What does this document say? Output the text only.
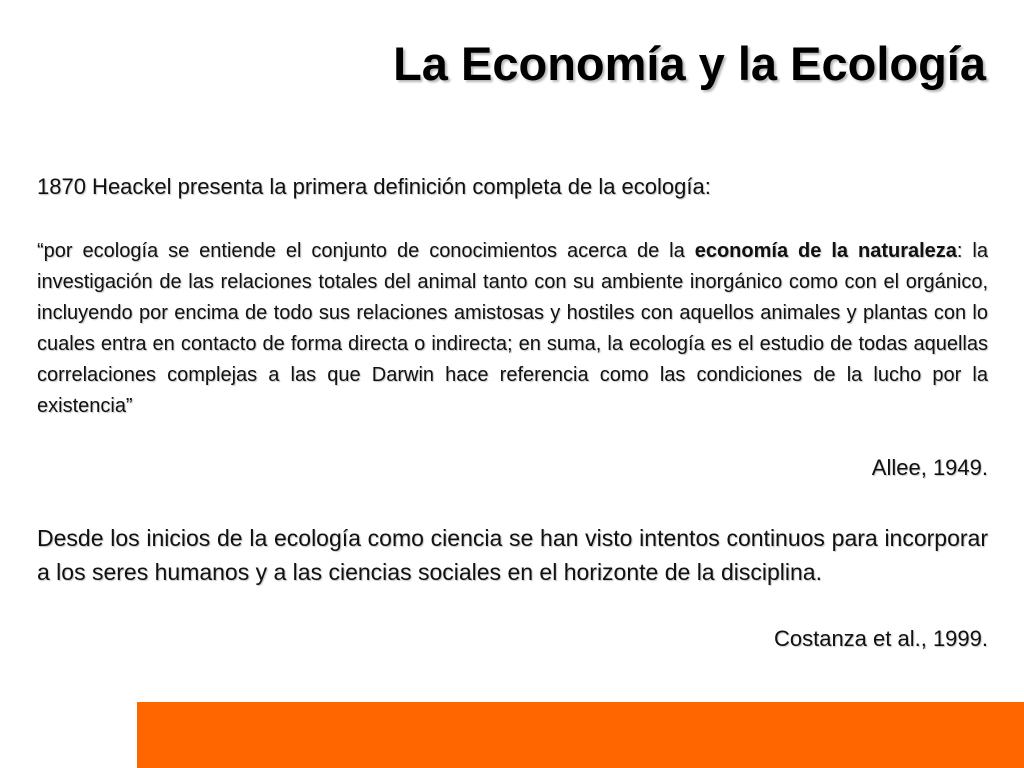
La Economía y la Ecología

1870 Heackel presenta la primera definición completa de la ecología:

“por ecología se entiende el conjunto de conocimientos acerca de la economía de la naturaleza: la investigación de las relaciones totales del animal tanto con su ambiente inorgánico como con el orgánico, incluyendo por encima de todo sus relaciones amistosas y hostiles con aquellos animales y plantas con lo cuales entra en contacto de forma directa o indirecta; en suma, la ecología es el estudio de todas aquellas correlaciones complejas a las que Darwin hace referencia como las condiciones de la lucho por la existencia”

Allee, 1949.

Desde los inicios de la ecología como ciencia se han visto intentos continuos para incorporar a los seres humanos y a las ciencias sociales en el horizonte de la disciplina.

Costanza et al., 1999.
